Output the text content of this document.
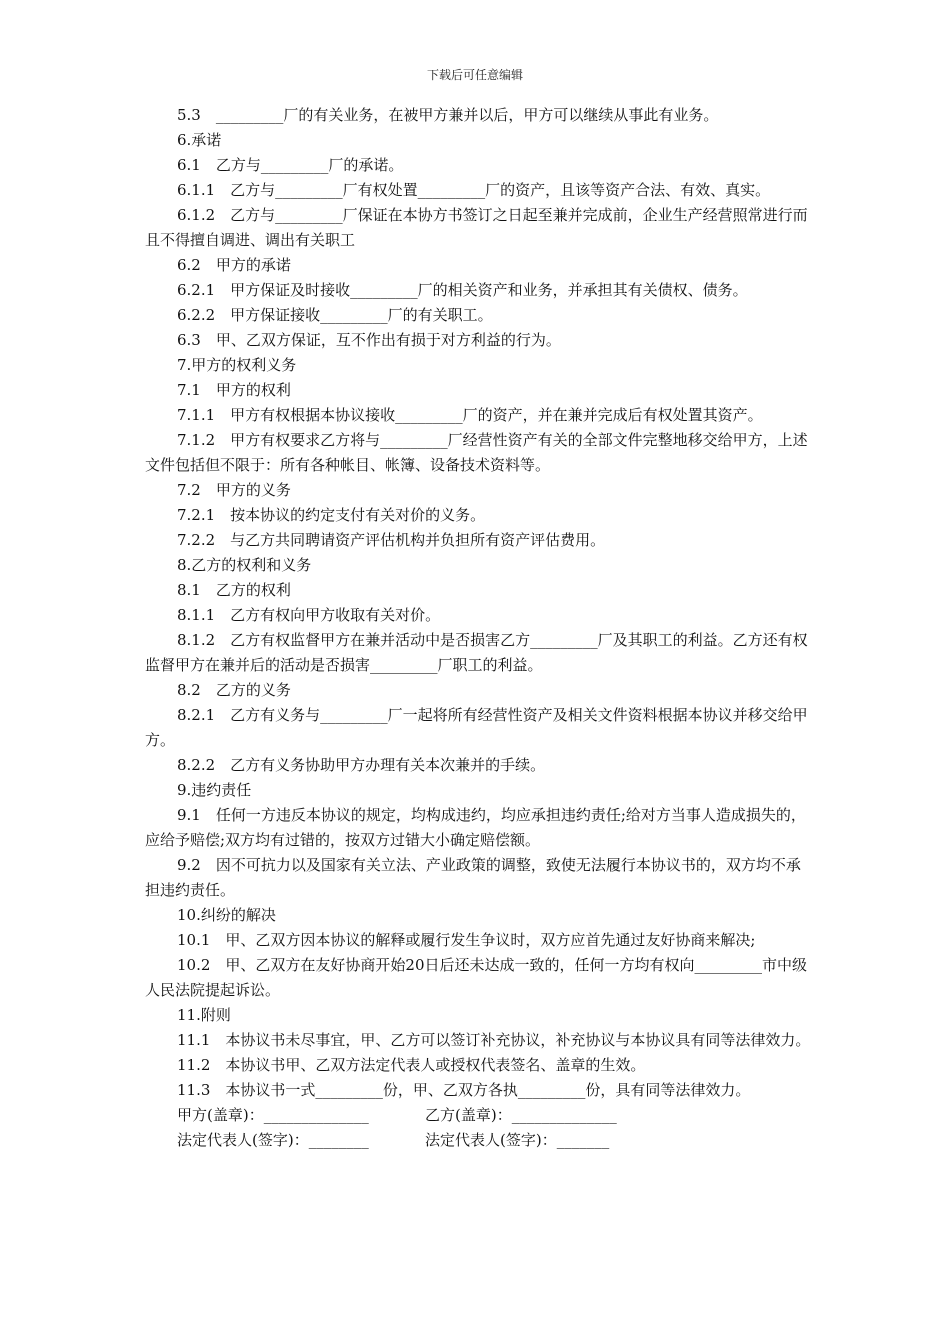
下载后可任意编辑

5.3　_________厂的有关业务，在被甲方兼并以后，甲方可以继续从事此有业务。

6.承诺

6.1　乙方与_________厂的承诺。

6.1.1　乙方与_________厂有权处置_________厂的资产，且该等资产合法、有效、真实。

6.1.2　乙方与_________厂保证在本协方书签订之日起至兼并完成前，企业生产经营照常进行而且不得擅自调进、调出有关职工

6.2　甲方的承诺

6.2.1　甲方保证及时接收_________厂的相关资产和业务，并承担其有关债权、债务。

6.2.2　甲方保证接收_________厂的有关职工。

6.3　甲、乙双方保证，互不作出有损于对方利益的行为。

7.甲方的权利义务

7.1　甲方的权利

7.1.1　甲方有权根据本协议接收_________厂的资产，并在兼并完成后有权处置其资产。

7.1.2　甲方有权要求乙方将与_________厂经营性资产有关的全部文件完整地移交给甲方，上述文件包括但不限于：所有各种帐目、帐簿、设备技术资料等。

7.2　甲方的义务

7.2.1　按本协议的约定支付有关对价的义务。

7.2.2　与乙方共同聘请资产评估机构并负担所有资产评估费用。

8.乙方的权利和义务

8.1　乙方的权利

8.1.1　乙方有权向甲方收取有关对价。

8.1.2　乙方有权监督甲方在兼并活动中是否损害乙方_________厂及其职工的利益。乙方还有权监督甲方在兼并后的活动是否损害_________厂职工的利益。

8.2　乙方的义务

8.2.1　乙方有义务与_________厂一起将所有经营性资产及相关文件资料根据本协议并移交给甲方。

8.2.2　乙方有义务协助甲方办理有关本次兼并的手续。

9.违约责任

9.1　任何一方违反本协议的规定，均构成违约，均应承担违约责任;给对方当事人造成损失的，应给予赔偿;双方均有过错的，按双方过错大小确定赔偿额。

9.2　因不可抗力以及国家有关立法、产业政策的调整，致使无法履行本协议书的，双方均不承担违约责任。

10.纠纷的解决

10.1　甲、乙双方因本协议的解释或履行发生争议时，双方应首先通过友好协商来解决;

10.2　甲、乙双方在友好协商开始20日后还未达成一致的，任何一方均有权向_________市中级人民法院提起诉讼。

11.附则

11.1　本协议书未尽事宜，甲、乙方可以签订补充协议，补充协议与本协议具有同等法律效力。

11.2　本协议书甲、乙双方法定代表人或授权代表签名、盖章的生效。

11.3　本协议书一式_________份，甲、乙双方各执_________份，具有同等法律效力。

甲方(盖章)：______________	乙方(盖章)：______________

法定代表人(签字)：________	法定代表人(签字)：_______
